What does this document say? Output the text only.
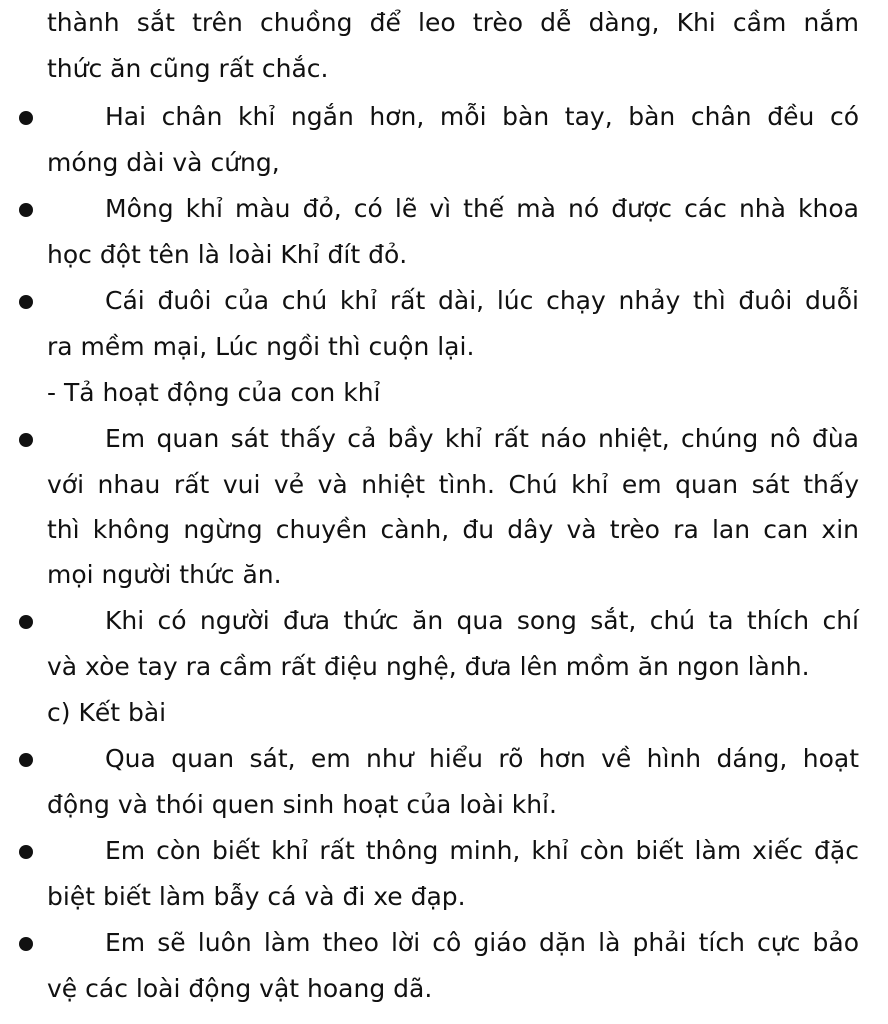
thành sắt trên chuồng để leo trèo dễ dàng, Khi cầm nắm
thức ăn cũng rất chắc.
Hai chân khỉ ngắn hơn, mỗi bàn tay, bàn chân đều có
móng dài và cứng,
Mông khỉ màu đỏ, có lẽ vì thế mà nó được các nhà khoa
học đột tên là loài Khỉ đít đỏ.
Cái đuôi của chú khỉ rất dài, lúc chạy nhảy thì đuôi duỗi
ra mềm mại, Lúc ngồi thì cuộn lại.
- Tả hoạt động của con khỉ
Em quan sát thấy cả bầy khỉ rất náo nhiệt, chúng nô đùa
với nhau rất vui vẻ và nhiệt tình. Chú khỉ em quan sát thấy
thì không ngừng chuyền cành, đu dây và trèo ra lan can xin
mọi người thức ăn.
Khi có người đưa thức ăn qua song sắt, chú ta thích chí
và xòe tay ra cầm rất điệu nghệ, đưa lên mồm ăn ngon lành.
c) Kết bài
Qua quan sát, em như hiểu rõ hơn về hình dáng, hoạt
động và thói quen sinh hoạt của loài khỉ.
Em còn biết khỉ rất thông minh, khỉ còn biết làm xiếc đặc
biệt biết làm bẫy cá và đi xe đạp.
Em sẽ luôn làm theo lời cô giáo dặn là phải tích cực bảo
vệ các loài động vật hoang dã.
